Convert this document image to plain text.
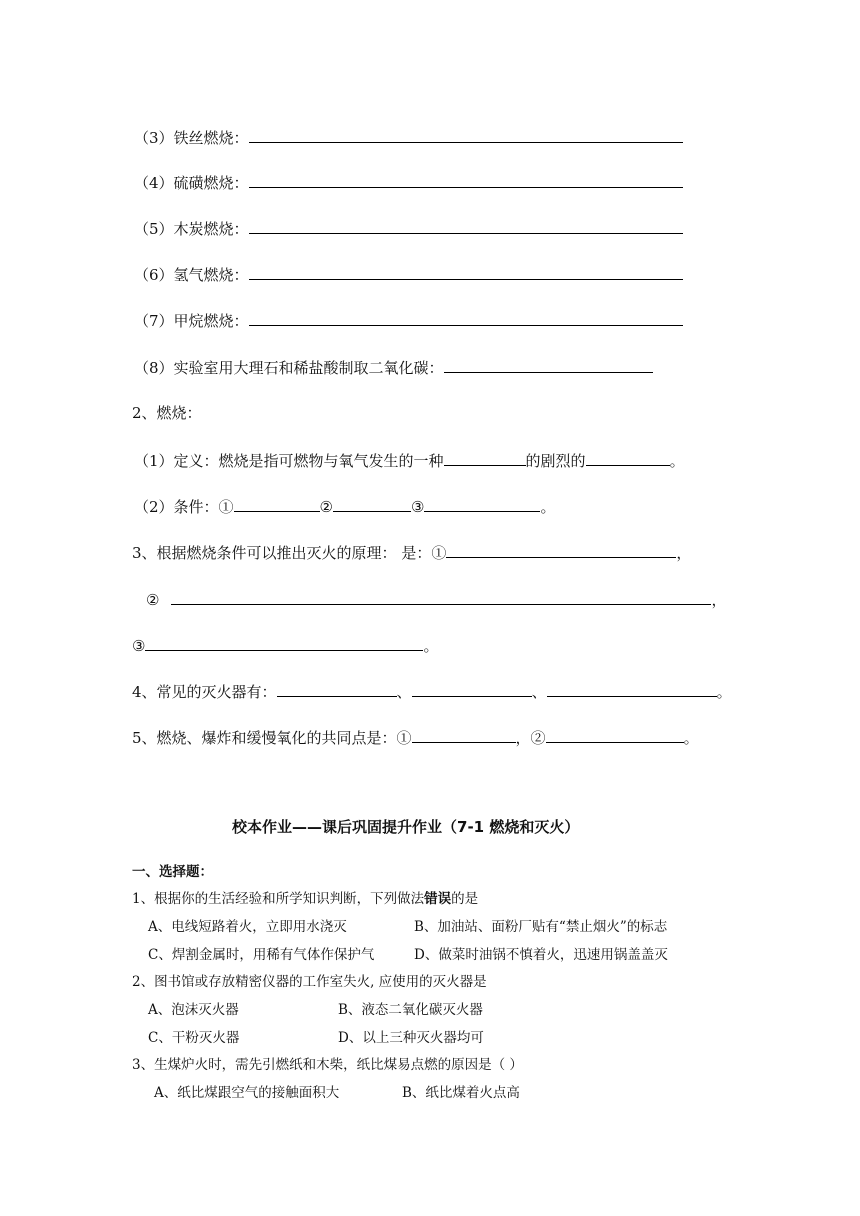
（3）铁丝燃烧：
（4）硫磺燃烧：
（5）木炭燃烧：
（6）氢气燃烧：
（7）甲烷燃烧：
（8）实验室用大理石和稀盐酸制取二氧化碳：
2、燃烧：
（1）定义：燃烧是指可燃物与氧气发生的一种	的剧烈的	。
（2）条件：①	②	③	。
3、根据燃烧条件可以推出灭火的原理： 是：①	，
②	，
③	。
4、常见的灭火器有：	、	、	。
5、燃烧、爆炸和缓慢氧化的共同点是：①	，②	。
校本作业——课后巩固提升作业（7-1 燃烧和灭火）
一、选择题：
1、根据你的生活经验和所学知识判断，下列做法错误的是
A、电线短路着火，立即用水浇灭	B、加油站、面粉厂贴有“禁止烟火”的标志
C、焊割金属时，用稀有气体作保护气	D、做菜时油锅不慎着火，迅速用锅盖盖灭
2、图书馆或存放精密仪器的工作室失火, 应使用的灭火器是
A、泡沫灭火器	B、液态二氧化碳灭火器
C、干粉灭火器	D、以上三种灭火器均可
3、生煤炉火时，需先引燃纸和木柴，纸比煤易点燃的原因是（ ）
A、纸比煤跟空气的接触面积大	B、纸比煤着火点高
